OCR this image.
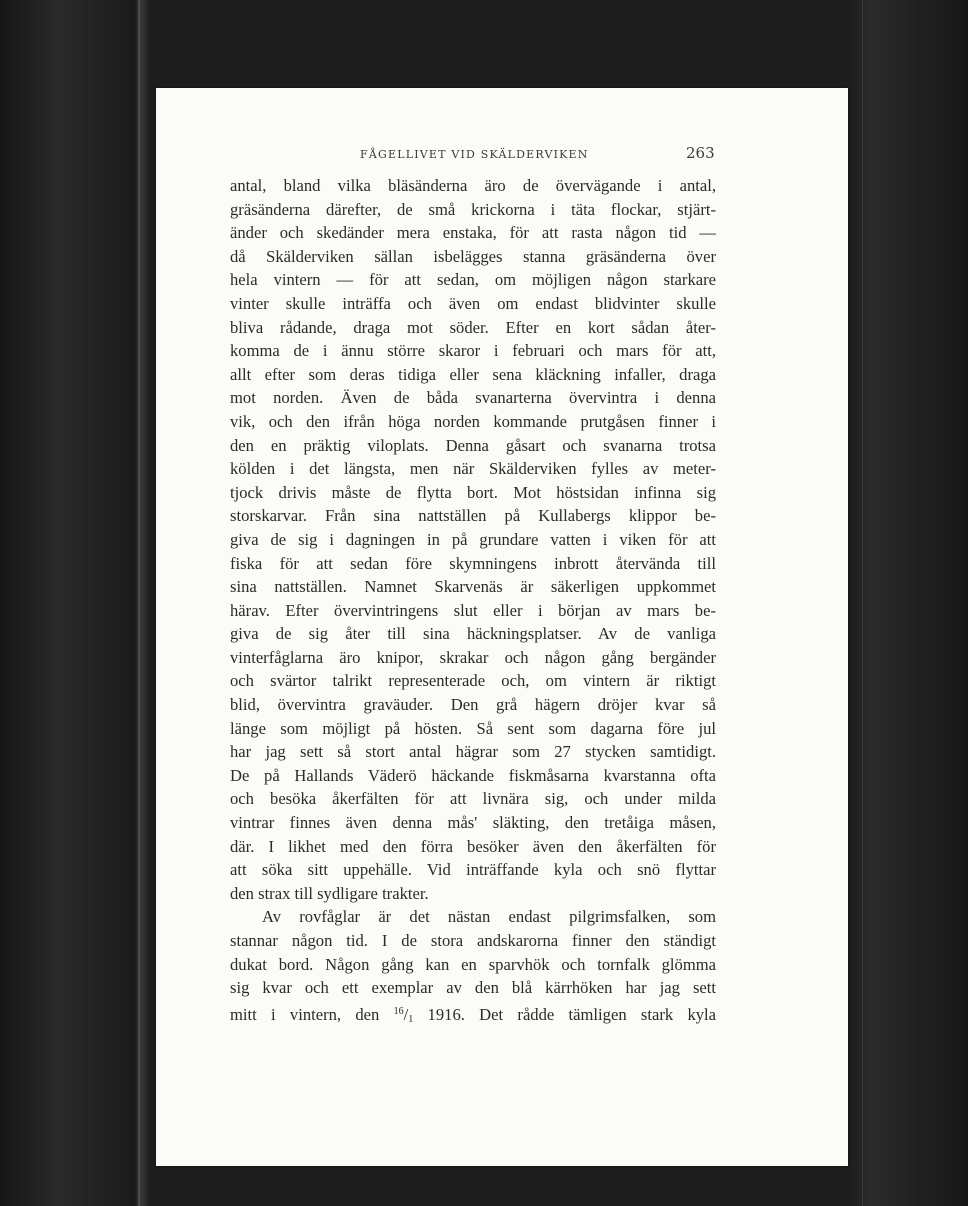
FÅGELLIVET VID SKÄLDERVIKEN	263

antal, bland vilka bläsänderna äro de övervägande i antal,

gräsänderna därefter, de små krickorna i täta flockar, stjärt-

änder och skedänder mera enstaka, för att rasta någon tid —

då Skälderviken sällan isbelägges stanna gräsänderna över

hela vintern — för att sedan, om möjligen någon starkare

vinter skulle inträffa och även om endast blidvinter skulle

bliva rådande, draga mot söder. Efter en kort sådan åter-

komma de i ännu större skaror i februari och mars för att,

allt efter som deras tidiga eller sena kläckning infaller, draga

mot norden. Även de båda svanarterna övervintra i denna

vik, och den ifrån höga norden kommande prutgåsen finner i

den en präktig viloplats. Denna gåsart och svanarna trotsa

kölden i det längsta, men när Skälderviken fylles av meter-

tjock drivis måste de flytta bort. Mot höstsidan infinna sig

storskarvar. Från sina nattställen på Kullabergs klippor be-

giva de sig i dagningen in på grundare vatten i viken för att

fiska för att sedan före skymningens inbrott återvända till

sina nattställen. Namnet Skarvenäs är säkerligen uppkommet

härav. Efter övervintringens slut eller i början av mars be-

giva de sig åter till sina häckningsplatser. Av de vanliga

vinterfåglarna äro knipor, skrakar och någon gång bergänder

och svärtor talrikt representerade och, om vintern är riktigt

blid, övervintra graväuder. Den grå hägern dröjer kvar så

länge som möjligt på hösten. Så sent som dagarna före jul

har jag sett så stort antal hägrar som 27 stycken samtidigt.

De på Hallands Väderö häckande fiskmåsarna kvarstanna ofta

och besöka åkerfälten för att livnära sig, och under milda

vintrar finnes även denna mås' släkting, den tretåiga måsen,

där. I likhet med den förra besöker även den åkerfälten för

att söka sitt uppehälle. Vid inträffande kyla och snö flyttar

den strax till sydligare trakter.

Av rovfåglar är det nästan endast pilgrimsfalken, som

stannar någon tid. I de stora andskarorna finner den ständigt

dukat bord. Någon gång kan en sparvhök och tornfalk glömma

sig kvar och ett exemplar av den blå kärrhöken har jag sett

mitt i vintern, den $^{16}/_1$ 1916. Det rådde tämligen stark kyla
